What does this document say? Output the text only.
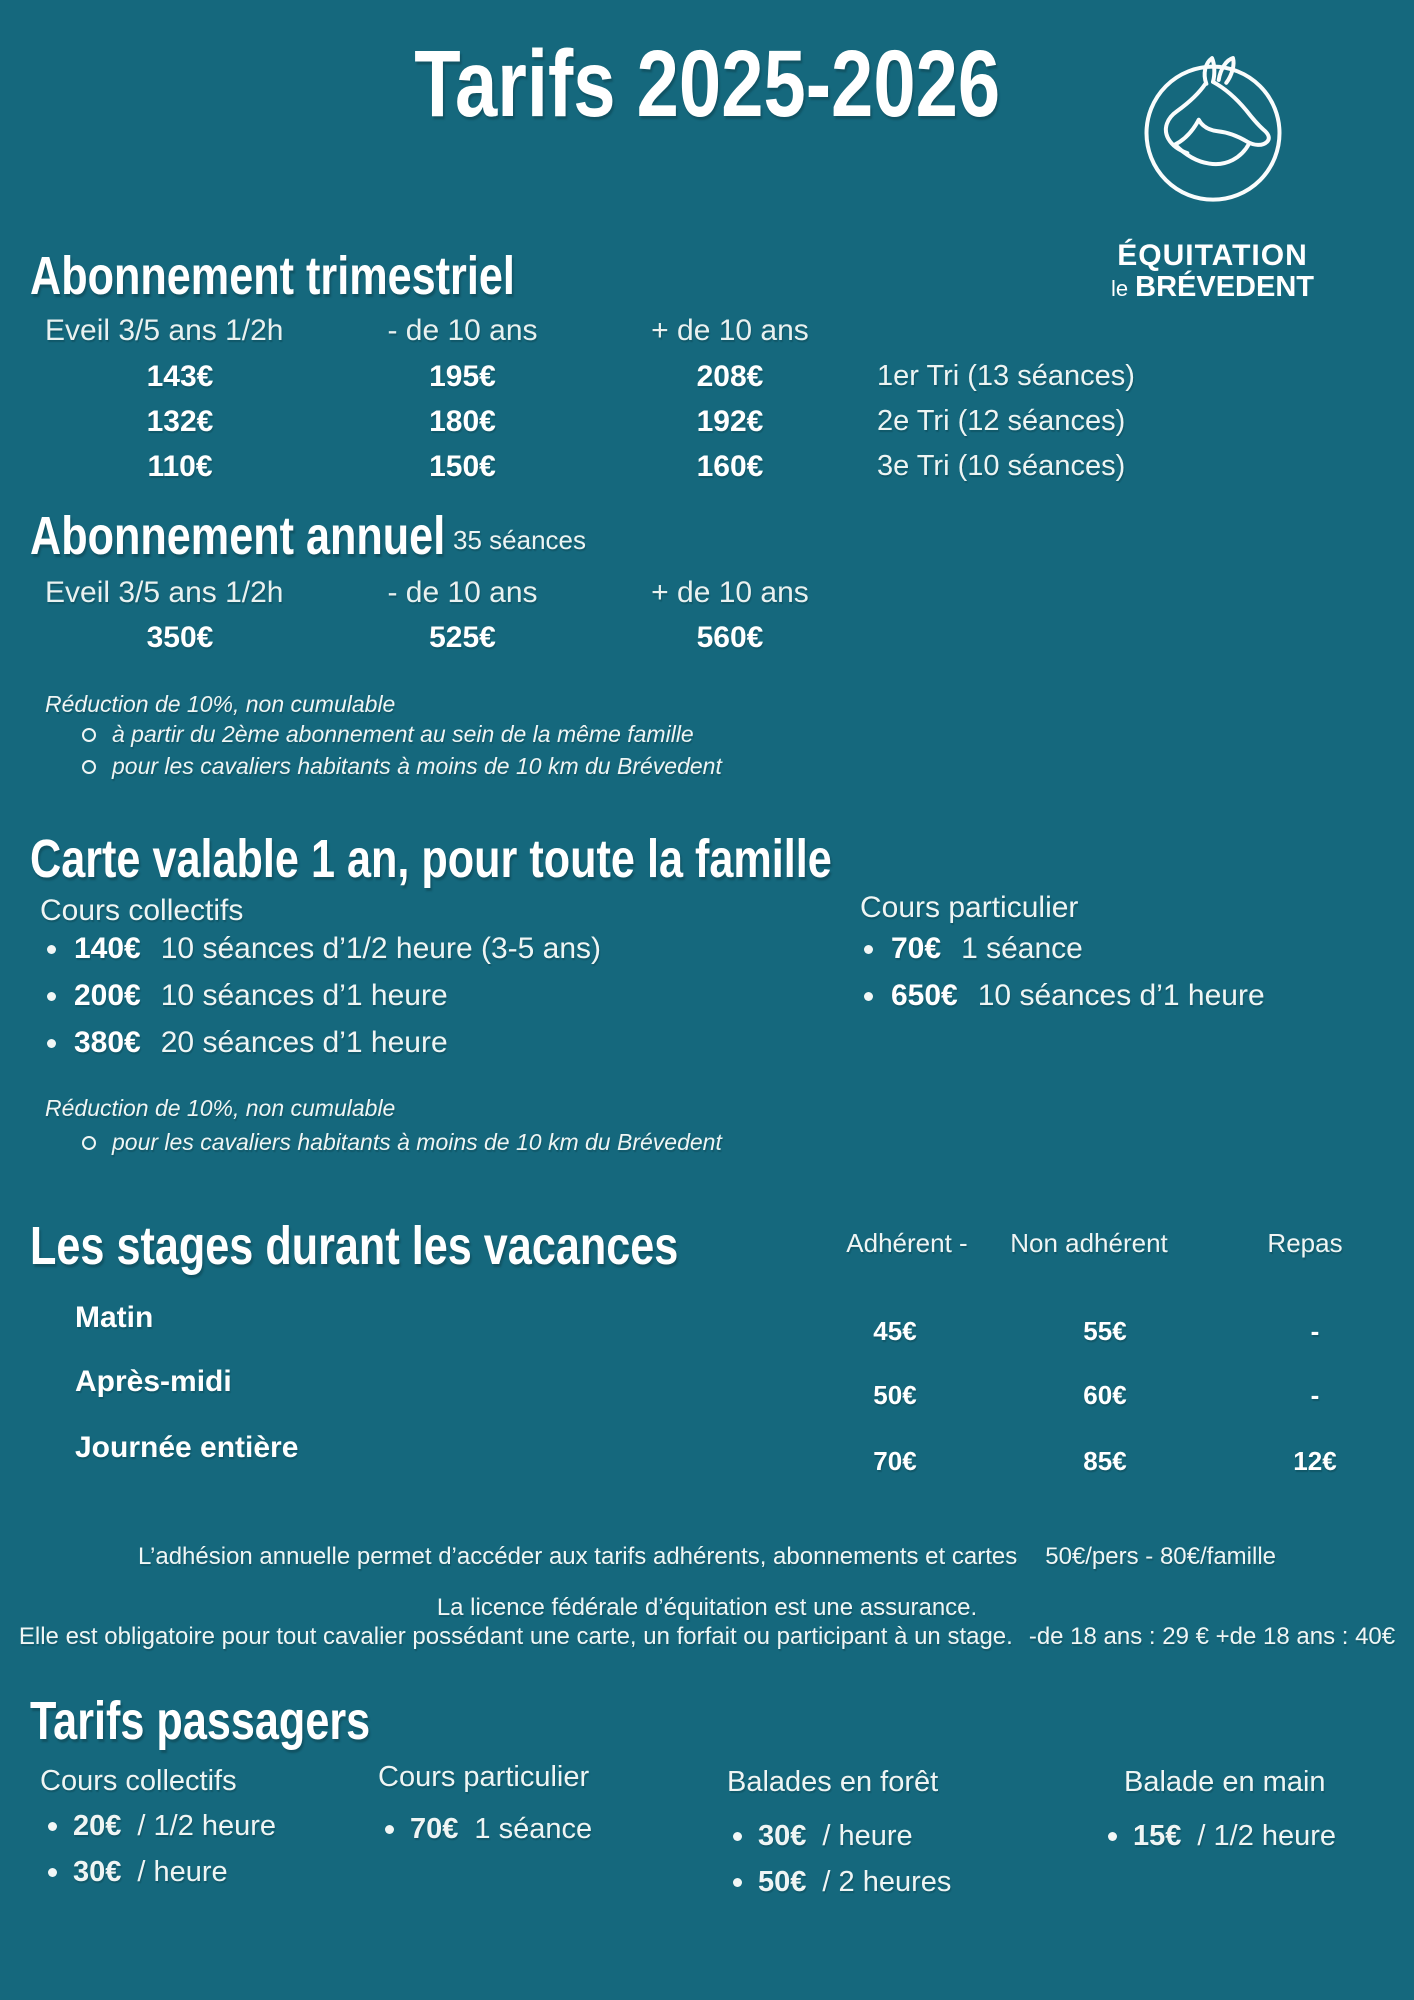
Tarifs 2025-2026
ÉQUITATION
le BRÉVEDENT
Abonnement trimestriel
Eveil 3/5 ans 1/2h	- de 10 ans	+ de 10 ans
143€	195€	208€	1er Tri (13 séances)
132€	180€	192€	2e Tri (12 séances)
110€	150€	160€	3e Tri (10 séances)
Abonnement annuel 35 séances
Eveil 3/5 ans 1/2h	- de 10 ans	+ de 10 ans
350€	525€	560€
Réduction de 10%, non cumulable
à partir du 2ème abonnement au sein de la même famille
pour les cavaliers habitants à moins de 10 km du Brévedent
Carte valable 1 an, pour toute la famille
Cours collectifs
140€ 10 séances d’1/2 heure (3-5 ans)
200€ 10 séances d’1 heure
380€ 20 séances d’1 heure
Cours particulier
70€ 1 séance
650€ 10 séances d’1 heure
Réduction de 10%, non cumulable
pour les cavaliers habitants à moins de 10 km du Brévedent
Les stages durant les vacances	Adhérent -	Non adhérent	Repas
Matin	45€	55€	-
Après-midi	50€	60€	-
Journée entière	70€	85€	12€
L’adhésion annuelle permet d’accéder aux tarifs adhérents, abonnements et cartes 50€/pers - 80€/famille
La licence fédérale d’équitation est une assurance.
Elle est obligatoire pour tout cavalier possédant une carte, un forfait ou participant à un stage. -de 18 ans : 29 € +de 18 ans : 40€
Tarifs passagers
Cours collectifs
20€ / 1/2 heure
30€ / heure
Cours particulier
70€ 1 séance
Balades en forêt
30€ / heure
50€ / 2 heures
Balade en main
15€ / 1/2 heure
